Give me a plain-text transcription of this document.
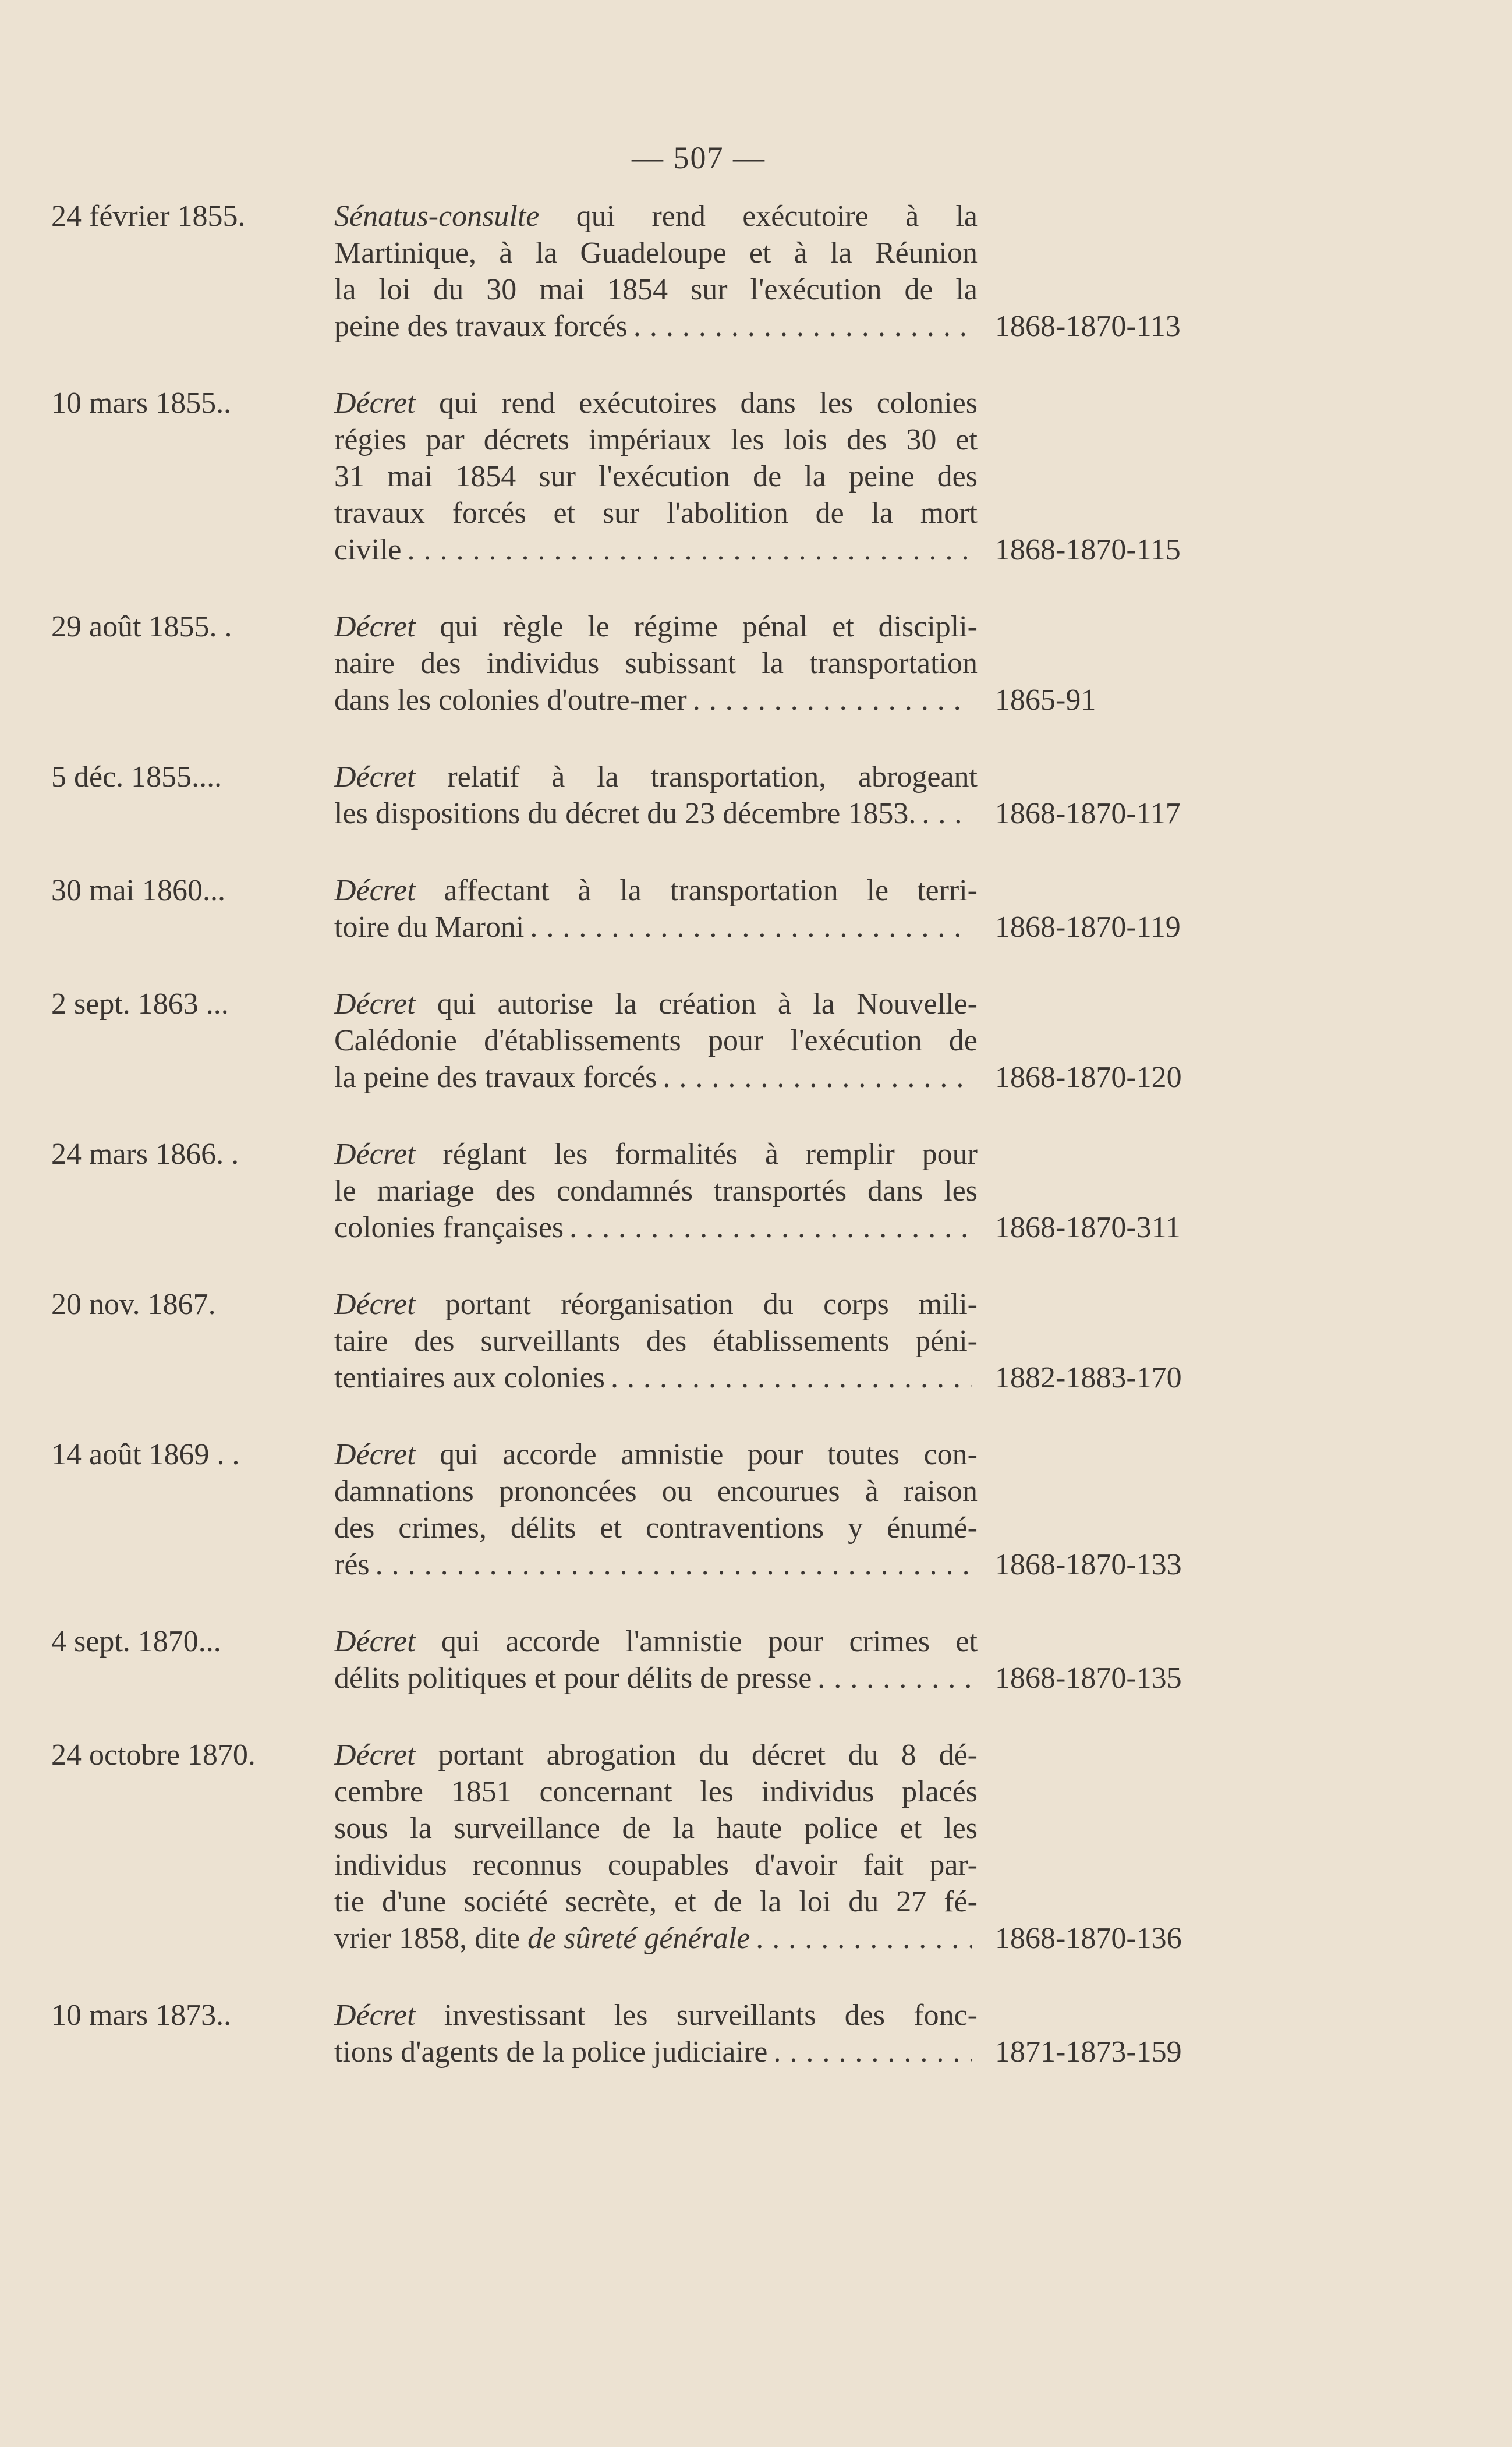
— 507 —
24 février 1855.	Sénatus-consulte qui rend exécutoire à la
Martinique, à la Guadeloupe et à la Réunion
la loi du 30 mai 1854 sur l'exécution de la
peine des travaux forcés . . .	1868-1870-113
10 mars 1855..	Décret qui rend exécutoires dans les colonies
régies par décrets impériaux les lois des 30 et
31 mai 1854 sur l'exécution de la peine des
travaux forcés et sur l'abolition de la mort
civile . . .	1868-1870-115
29 août 1855. .	Décret qui règle le régime pénal et discipli-
naire des individus subissant la transportation
dans les colonies d'outre-mer . . .	1865-91
5 déc. 1855....	Décret relatif à la transportation, abrogeant
les dispositions du décret du 23 décembre 1853. . . .	1868-1870-117
30 mai 1860...	Décret affectant à la transportation le terri-
toire du Maroni . . .	1868-1870-119
2 sept. 1863 ...	Décret qui autorise la création à la Nouvelle-
Calédonie d'établissements pour l'exécution de
la peine des travaux forcés . . .	1868-1870-120
24 mars 1866. .	Décret réglant les formalités à remplir pour
le mariage des condamnés transportés dans les
colonies françaises . . .	1868-1870-311
20 nov. 1867.	Décret portant réorganisation du corps mili-
taire des surveillants des établissements péni-
tentiaires aux colonies . . .	1882-1883-170
14 août 1869 . .	Décret qui accorde amnistie pour toutes con-
damnations prononcées ou encourues à raison
des crimes, délits et contraventions y énumé-
rés . . .	1868-1870-133
4 sept. 1870...	Décret qui accorde l'amnistie pour crimes et
délits politiques et pour délits de presse . . .	1868-1870-135
24 octobre 1870.	Décret portant abrogation du décret du 8 dé-
cembre 1851 concernant les individus placés
sous la surveillance de la haute police et les
individus reconnus coupables d'avoir fait par-
tie d'une société secrète, et de la loi du 27 fé-
vrier 1858, dite de sûreté générale . . .	1868-1870-136
10 mars 1873..	Décret investissant les surveillants des fonc-
tions d'agents de la police judiciaire . . .	1871-1873-159
